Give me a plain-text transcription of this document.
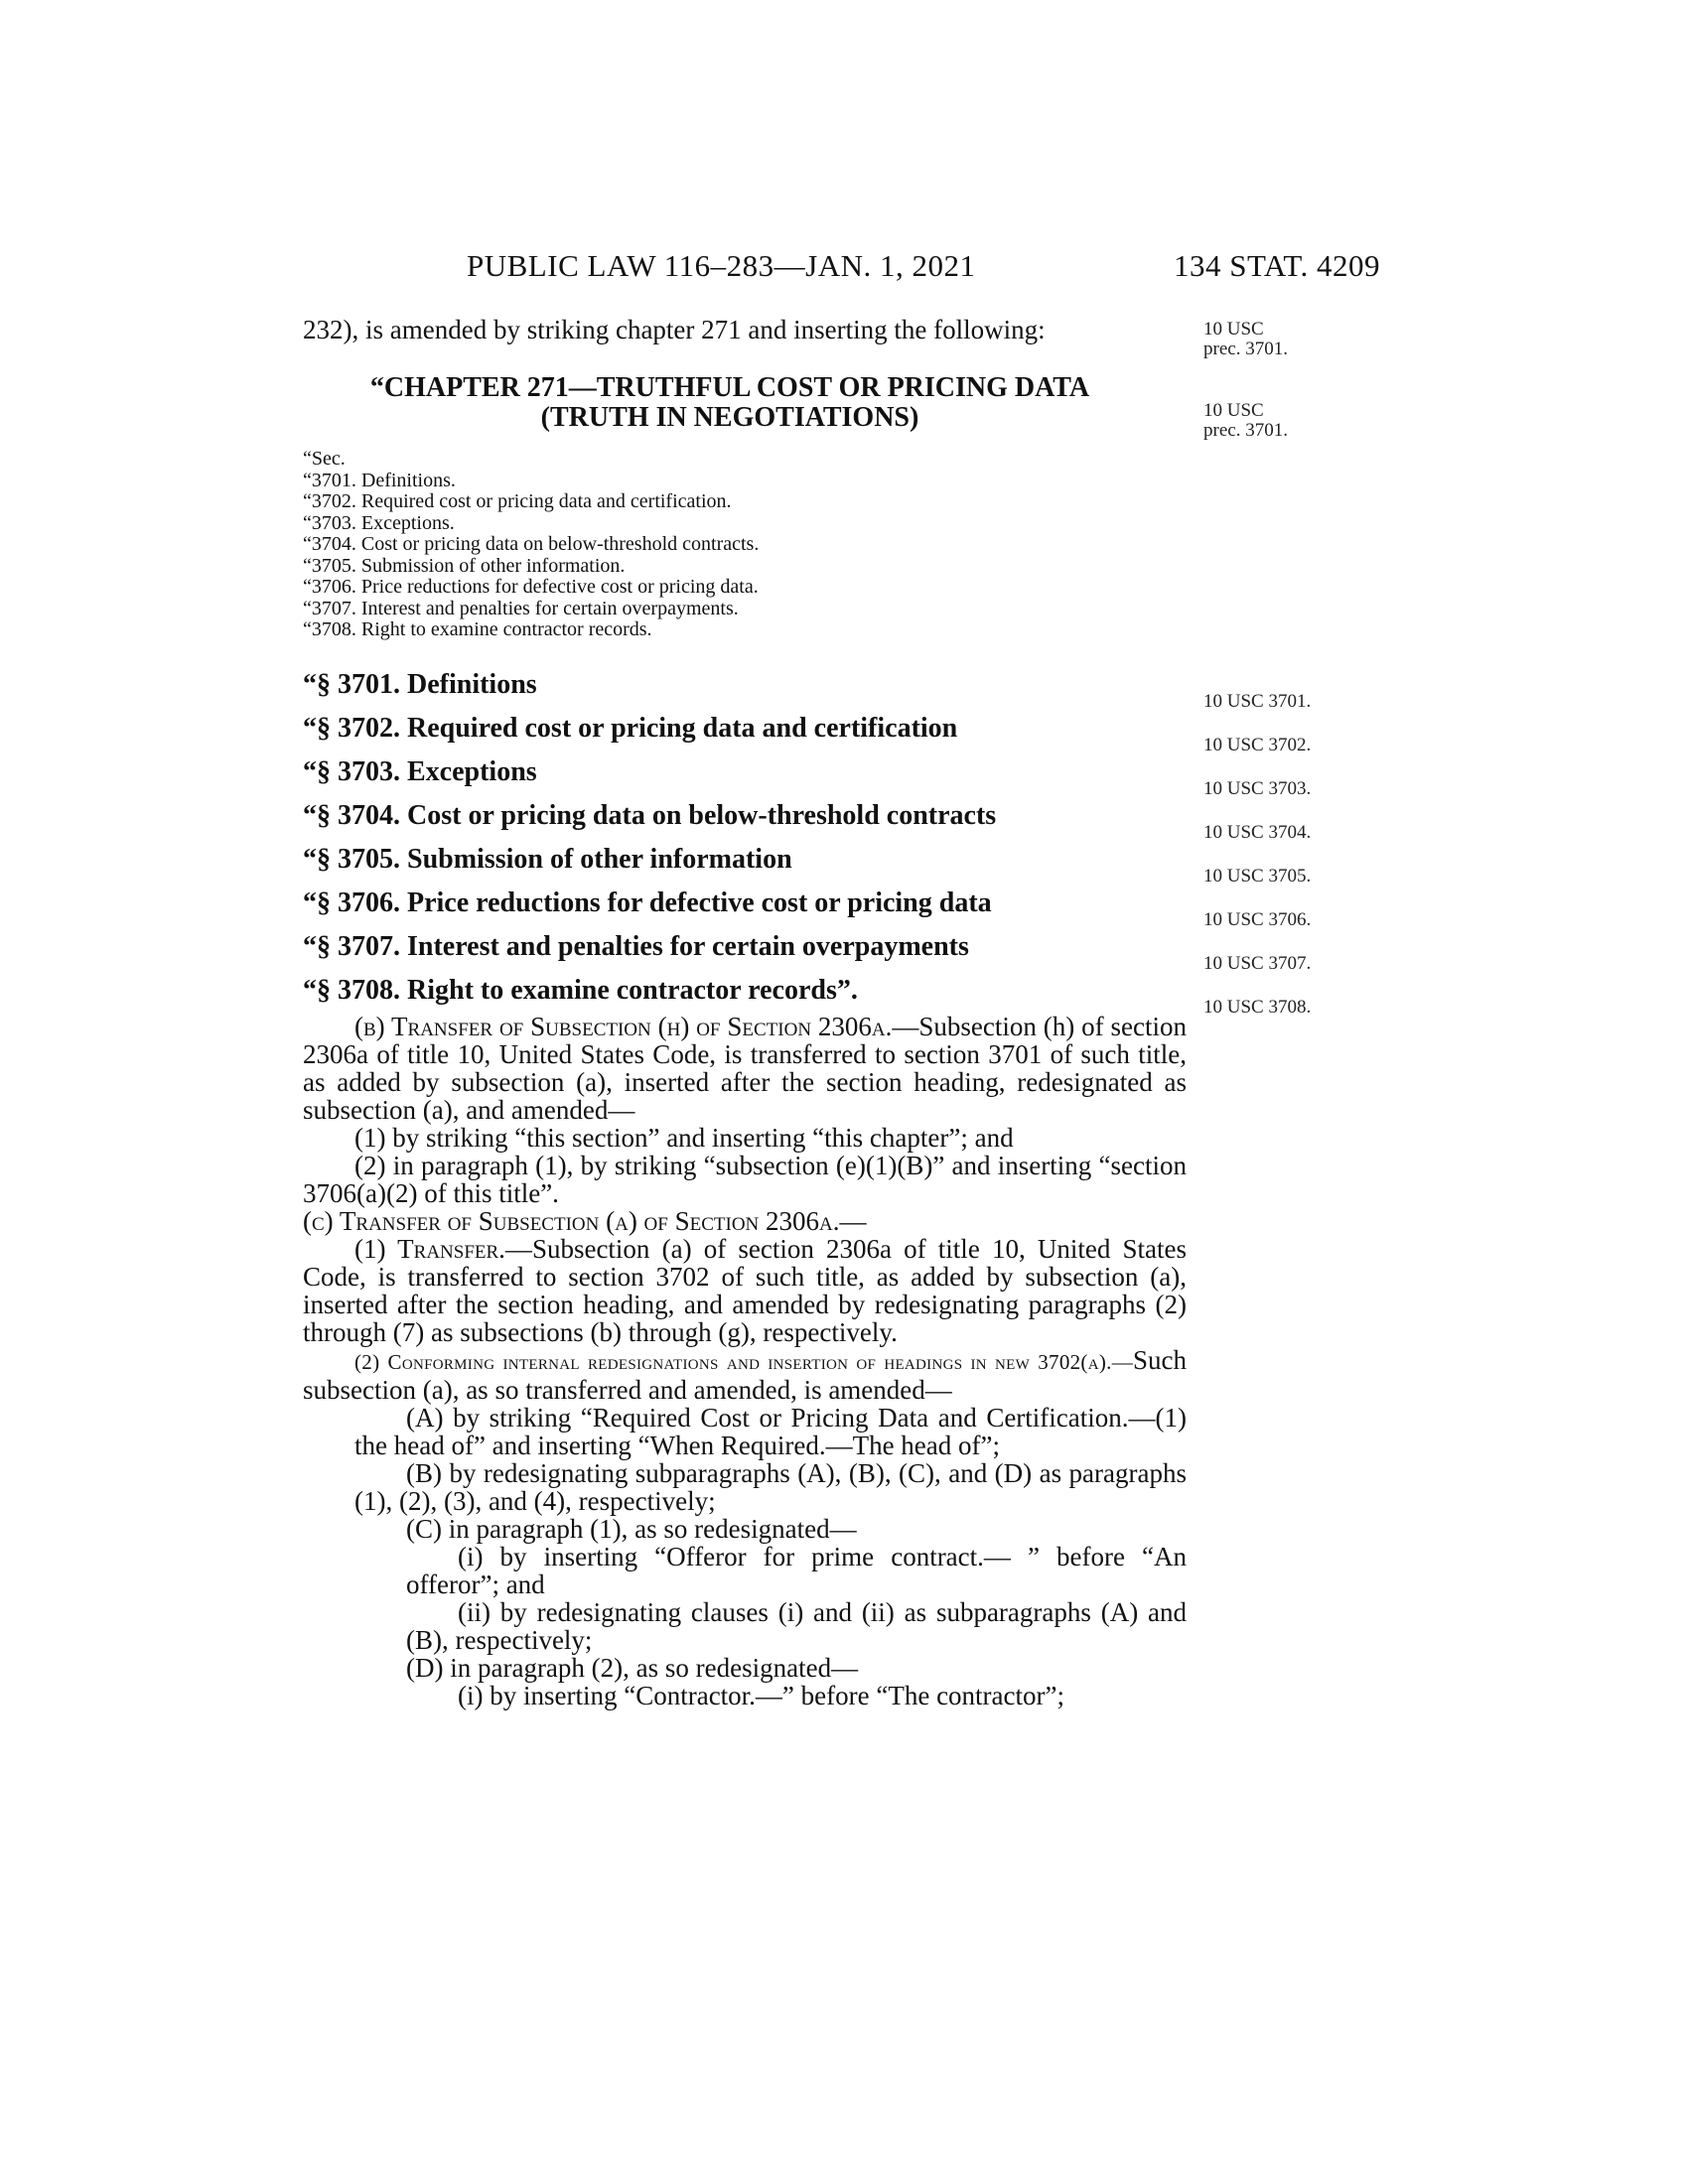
PUBLIC LAW 116–283—JAN. 1, 2021	134 STAT. 4209
10 USC
prec. 3701.
10 USC
prec. 3701.
10 USC 3701.
10 USC 3702.
10 USC 3703.
10 USC 3704.
10 USC 3705.
10 USC 3706.
10 USC 3707.
10 USC 3708.

232), is amended by striking chapter 271 and inserting the following:

“CHAPTER 271—TRUTHFUL COST OR PRICING DATA
(TRUTH IN NEGOTIATIONS)
“Sec.
“3701. Definitions.
“3702. Required cost or pricing data and certification.
“3703. Exceptions.
“3704. Cost or pricing data on below-threshold contracts.
“3705. Submission of other information.
“3706. Price reductions for defective cost or pricing data.
“3707. Interest and penalties for certain overpayments.
“3708. Right to examine contractor records.
“§ 3701. Definitions
“§ 3702. Required cost or pricing data and certification
“§ 3703. Exceptions
“§ 3704. Cost or pricing data on below-threshold contracts
“§ 3705. Submission of other information
“§ 3706. Price reductions for defective cost or pricing data
“§ 3707. Interest and penalties for certain overpayments
“§ 3708. Right to examine contractor records”.

(b) Transfer of Subsection (h) of Section 2306a.—Subsection (h) of section 2306a of title 10, United States Code, is transferred to section 3701 of such title, as added by subsection (a), inserted after the section heading, redesignated as subsection (a), and amended—

(1) by striking “this section” and inserting “this chapter”; and

(2) in paragraph (1), by striking “subsection (e)(1)(B)” and inserting “section 3706(a)(2) of this title”.

(c) Transfer of Subsection (a) of Section 2306a.—

(1) Transfer.—Subsection (a) of section 2306a of title 10, United States Code, is transferred to section 3702 of such title, as added by subsection (a), inserted after the section heading, and amended by redesignating paragraphs (2) through (7) as subsections (b) through (g), respectively.

(2) Conforming internal redesignations and insertion of headings in new 3702(a).—Such subsection (a), as so transferred and amended, is amended—

(A) by striking “Required Cost or Pricing Data and Certification.—(1) the head of” and inserting “When Required.—The head of”;

(B) by redesignating subparagraphs (A), (B), (C), and (D) as paragraphs (1), (2), (3), and (4), respectively;

(C) in paragraph (1), as so redesignated—

(i) by inserting “Offeror for prime contract.— ” before “An offeror”; and

(ii) by redesignating clauses (i) and (ii) as subparagraphs (A) and (B), respectively;

(D) in paragraph (2), as so redesignated—

(i) by inserting “Contractor.—” before “The contractor”;
